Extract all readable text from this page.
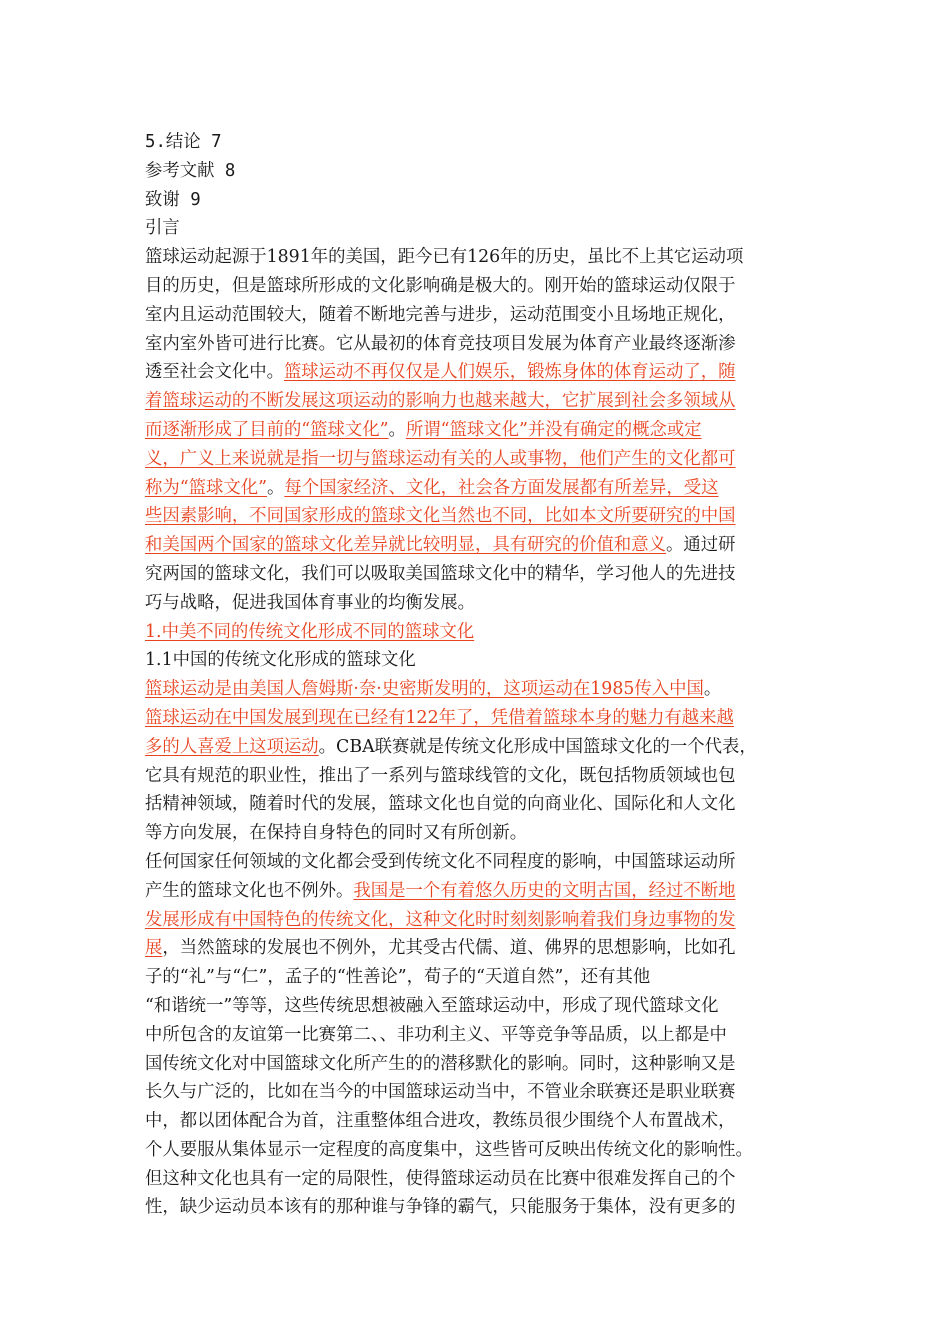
5.结论 7
参考文献 8
致谢 9
引言
篮球运动起源于1891年的美国，距今已有126年的历史，虽比不上其它运动项
目的历史，但是篮球所形成的文化影响确是极大的。刚开始的篮球运动仅限于
室内且运动范围较大，随着不断地完善与进步，运动范围变小且场地正规化，
室内室外皆可进行比赛。它从最初的体育竞技项目发展为体育产业最终逐渐渗
透至社会文化中。篮球运动不再仅仅是人们娱乐，锻炼身体的体育运动了，随
着篮球运动的不断发展这项运动的影响力也越来越大，它扩展到社会多领域从
而逐渐形成了目前的“篮球文化”。所谓“篮球文化”并没有确定的概念或定
义，广义上来说就是指一切与篮球运动有关的人或事物，他们产生的文化都可
称为“篮球文化”。每个国家经济、文化，社会各方面发展都有所差异，受这
些因素影响，不同国家形成的篮球文化当然也不同，比如本文所要研究的中国
和美国两个国家的篮球文化差异就比较明显，具有研究的价值和意义。通过研
究两国的篮球文化，我们可以吸取美国篮球文化中的精华，学习他人的先进技
巧与战略，促进我国体育事业的均衡发展。
1.中美不同的传统文化形成不同的篮球文化
1.1中国的传统文化形成的篮球文化
篮球运动是由美国人詹姆斯·奈·史密斯发明的，这项运动在1985传入中国。
篮球运动在中国发展到现在已经有122年了，凭借着篮球本身的魅力有越来越
多的人喜爱上这项运动。CBA联赛就是传统文化形成中国篮球文化的一个代表，
它具有规范的职业性，推出了一系列与篮球线管的文化，既包括物质领域也包
括精神领域，随着时代的发展，篮球文化也自觉的向商业化、国际化和人文化
等方向发展，在保持自身特色的同时又有所创新。
任何国家任何领域的文化都会受到传统文化不同程度的影响，中国篮球运动所
产生的篮球文化也不例外。我国是一个有着悠久历史的文明古国，经过不断地
发展形成有中国特色的传统文化，这种文化时时刻刻影响着我们身边事物的发
展，当然篮球的发展也不例外，尤其受古代儒、道、佛界的思想影响，比如孔
子的“礼”与“仁”，孟子的“性善论”，荀子的“天道自然”，还有其他
“和谐统一”等等，这些传统思想被融入至篮球运动中，形成了现代篮球文化
中所包含的友谊第一比赛第二、、非功利主义、平等竞争等品质，以上都是中
国传统文化对中国篮球文化所产生的的潜移默化的影响。同时，这种影响又是
长久与广泛的，比如在当今的中国篮球运动当中，不管业余联赛还是职业联赛
中，都以团体配合为首，注重整体组合进攻，教练员很少围绕个人布置战术，
个人要服从集体显示一定程度的高度集中，这些皆可反映出传统文化的影响性。
但这种文化也具有一定的局限性，使得篮球运动员在比赛中很难发挥自己的个
性，缺少运动员本该有的那种谁与争锋的霸气，只能服务于集体，没有更多的
